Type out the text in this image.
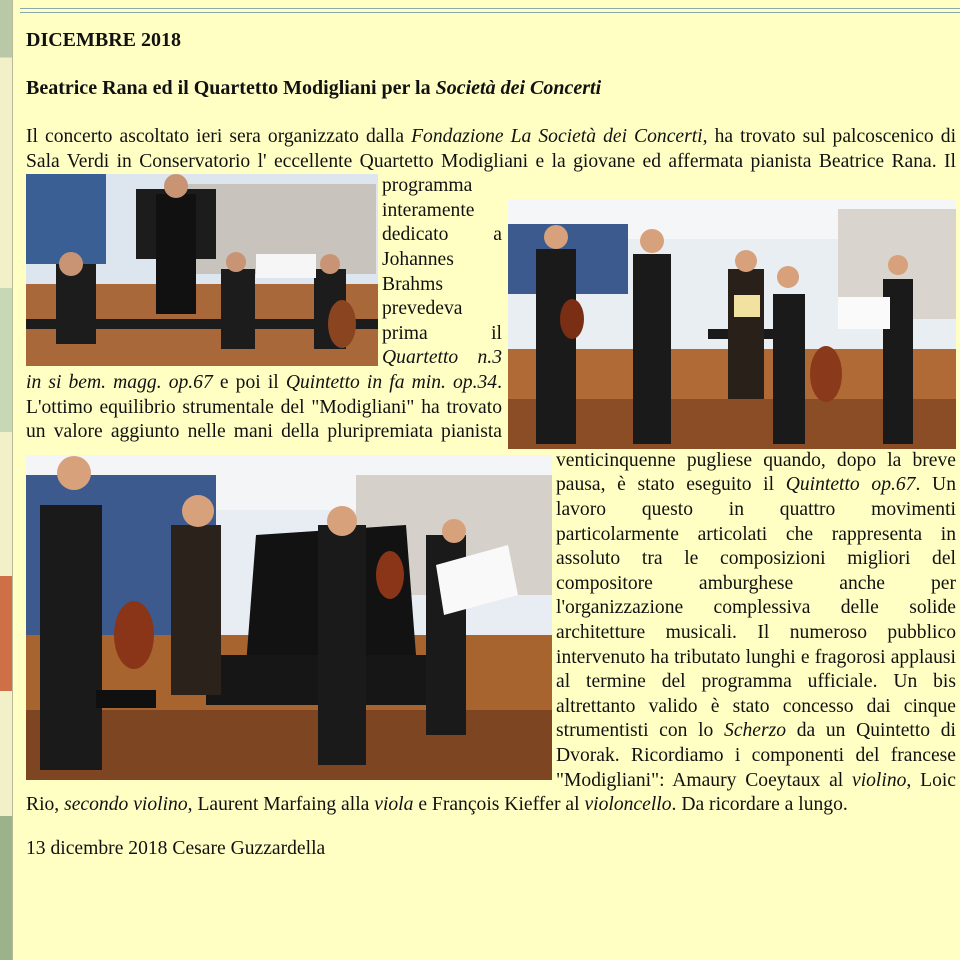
DICEMBRE 2018

Beatrice Rana ed il Quartetto Modigliani per la Società dei Concerti

Il concerto ascoltato ieri sera organizzato dalla Fondazione La Società dei Concerti, ha trovato sul palcoscenico di Sala Verdi in Conservatorio l' eccellente Quartetto Modigliani e
la giovane ed affermata pianista Beatrice Rana. Il programma interamente dedicato a Johannes Brahms prevedeva prima il Quartetto n.3 in si bem. magg. op.67 e poi il Quintetto in fa min. op.34. L'ottimo equilibrio strumentale del "Modigliani" ha trovato un valore aggiunto nelle mani della pluripremiata
pianista venticinquenne pugliese quando, dopo la breve pausa, è stato eseguito il Quintetto op.67. Un lavoro questo in quattro movimenti particolarmente articolati che rappresenta in assoluto tra le composizioni migliori del compositore amburghese anche per l'organizzazione complessiva delle solide architetture musicali. Il numeroso pubblico intervenuto ha tributato lunghi e fragorosi applausi al termine del programma ufficiale. Un bis altrettanto valido è stato concesso dai cinque strumentisti con lo Scherzo da un Quintetto di Dvorak. Ricordiamo i componenti del francese "Modigliani": Amaury Coeytaux al violino, Loic Rio, secondo violino, Laurent Marfaing alla viola e François Kieffer al violoncello. Da ricordare a lungo.
13 dicembre 2018 Cesare Guzzardella
